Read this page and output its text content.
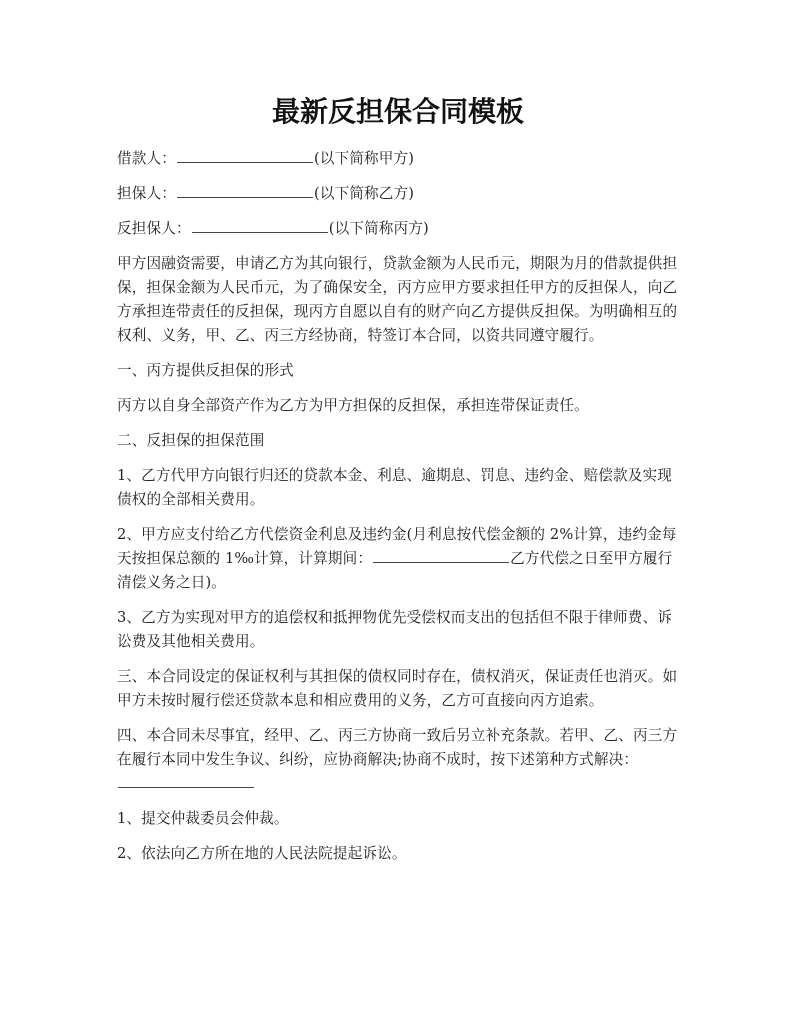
最新反担保合同模板

借款人：	(以下简称甲方)

担保人：	(以下简称乙方)

反担保人：	(以下简称丙方)

甲方因融资需要，申请乙方为其向银行，贷款金额为人民币元，期限为月的借款提供担保，担保金额为人民币元，为了确保安全，丙方应甲方要求担任甲方的反担保人，向乙方承担连带责任的反担保，现丙方自愿以自有的财产向乙方提供反担保。为明确相互的权利、义务，甲、乙、丙三方经协商，特签订本合同，以资共同遵守履行。

一、丙方提供反担保的形式

丙方以自身全部资产作为乙方为甲方担保的反担保，承担连带保证责任。

二、反担保的担保范围

1、乙方代甲方向银行归还的贷款本金、利息、逾期息、罚息、违约金、赔偿款及实现债权的全部相关费用。

2、甲方应支付给乙方代偿资金利息及违约金(月利息按代偿金额的 2%计算，违约金每天按担保总额的 1‰计算，计算期间：	乙方代偿之日至甲方履行清偿义务之日)。

3、乙方为实现对甲方的追偿权和抵押物优先受偿权而支出的包括但不限于律师费、诉讼费及其他相关费用。

三、本合同设定的保证权利与其担保的债权同时存在，债权消灭，保证责任也消灭。如甲方未按时履行偿还贷款本息和相应费用的义务，乙方可直接向丙方追索。

四、本合同未尽事宜，经甲、乙、丙三方协商一致后另立补充条款。若甲、乙、丙三方在履行本同中发生争议、纠纷，应协商解决;协商不成时，按下述第种方式解决：

1、提交仲裁委员会仲裁。

2、依法向乙方所在地的人民法院提起诉讼。
